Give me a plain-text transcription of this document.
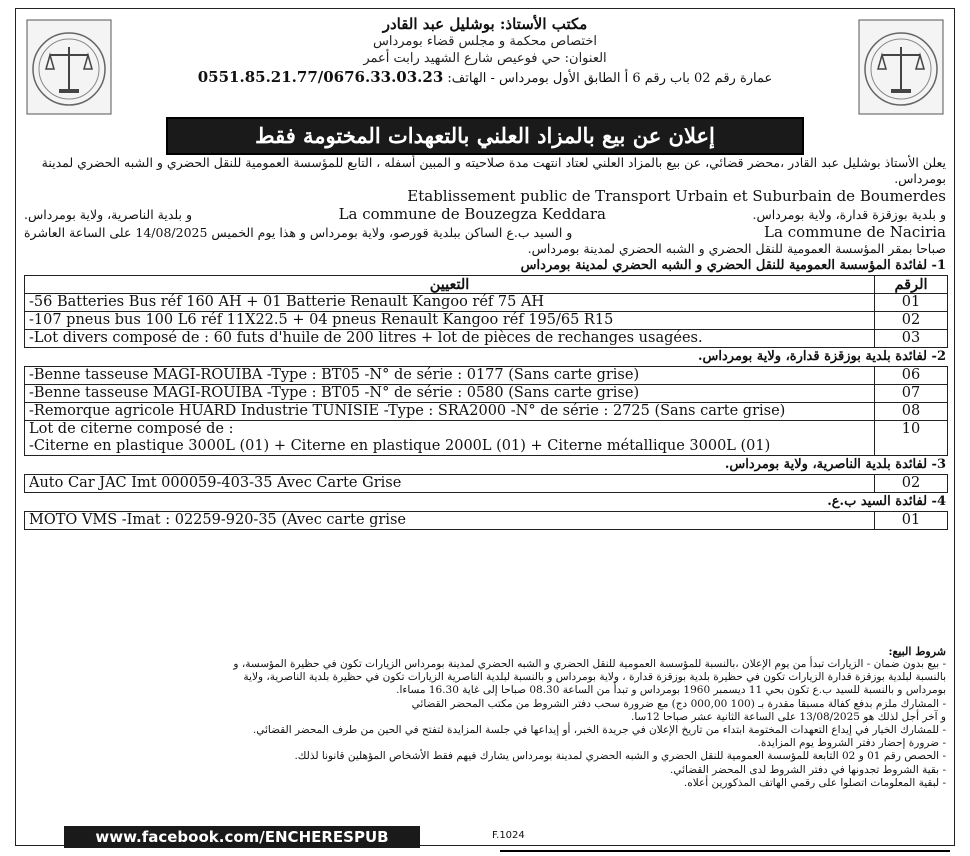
مكتب الأستاذ: بوشليل عبد القادر
اختصاص محكمة و مجلس قضاء بومرداس
العنوان: حي فوعيص شارع الشهيد رابت أعمر
عمارة رقم 02 باب رقم 6 أ الطابق الأول بومرداس - الهاتف: 0551.85.21.77/0676.33.03.23
إعلان عن بيع بالمزاد العلني بالتعهدات المختومة فقط
يعلن الأستاذ بوشليل عبد القادر ،محضر قضائي، عن بيع بالمزاد العلني لعتاد انتهت مدة صلاحيته و المبين أسفله ، التابع للمؤسسة العمومية للنقل الحضري و الشبه الحضري لمدينة بومرداس.
Etablissement public de Transport Urbain et Suburbain de Boumerdes
و بلدية الناصرية، ولاية بومرداس.	La commune de Bouzegza Keddara	و بلدية بوزقزة قدارة، ولاية بومرداس.
و السيد ب.ع الساكن ببلدية قورصو، ولاية بومرداس و هذا يوم الخميس 14/08/2025 على الساعة العاشرة	La commune de Naciria
صباحا بمقر المؤسسة العمومية للنقل الحضري و الشبه الحضري لمدينة بومرداس.
1- لفائدة المؤسسة العمومية للنقل الحضري و الشبه الحضري لمدينة بومرداس
التعيين	الرقم
-56 Batteries Bus réf 160 AH + 01 Batterie Renault Kangoo réf 75 AH	01
-107 pneus bus 100 L6 réf 11X22.5 + 04 pneus Renault Kangoo réf 195/65 R15	02
-Lot divers composé de : 60 futs d'huile de 200 litres + lot de pièces de rechanges usagées.	03
2- لفائدة بلدية بوزقزة قدارة، ولاية بومرداس.
-Benne tasseuse MAGI-ROUIBA -Type : BT05 -N° de série : 0177 (Sans carte grise)	06
-Benne tasseuse MAGI-ROUIBA -Type : BT05 -N° de série : 0580 (Sans carte grise)	07
-Remorque agricole HUARD Industrie TUNISIE -Type : SRA2000 -N° de série : 2725 (Sans carte grise)	08

Lot de citerne composé de :
-Citerne en plastique 3000L (01) + Citerne en plastique 2000L (01) + Citerne métallique 3000L (01)	10
3- لفائدة بلدية الناصرية، ولاية بومرداس.
Auto Car JAC Imt 000059-403-35 Avec Carte Grise	02
4- لفائدة السيد ب.ع.
MOTO VMS -Imat : 02259-920-35 (Avec carte grise	01
شروط البيع:
- بيع بدون ضمان - الزيارات تبدأ من يوم الإعلان ،بالنسبة للمؤسسة العمومية للنقل الحضري و الشبه الحضري لمدينة بومرداس الزيارات تكون في حظيرة المؤسسة، و
بالنسبة لبلدية بوزقزة قدارة الزيارات تكون في حظيرة بلدية بوزقزة قدارة ، ولاية بومرداس و بالنسبة لبلدية الناصرية الزيارات تكون في حظيرة بلدية الناصرية، ولاية
بومرداس و بالنسبة للسيد ب.ع تكون بحي 11 ديسمبر 1960 بومرداس و تبدأ من الساعة 08.30 صباحا إلى غاية 16.30 مساءا.
- المشارك ملزم بدفع كفالة مسبقا مقدرة بـ (100 000,00 دج) مع ضرورة سحب دفتر الشروط من مكتب المحضر القضائي
و آخر أجل لذلك هو 13/08/2025 على الساعة الثانية عشر صباحا 12سا.
- للمشارك الخيار في إيداع التعهدات المختومة ابتداء من تاريخ الإعلان في جريدة الخبر، أو إيداعها في جلسة المزايدة لتفتح في الحين من طرف المحضر القضائي.
- ضرورة إحضار دفتر الشروط يوم المزايدة.
- الحصص رقم 01 و 02 التابعة للمؤسسة العمومية للنقل الحضري و الشبه الحضري لمدينة بومرداس يشارك فيهم فقط الأشخاص المؤهلين قانونا لذلك.
- بقية الشروط تجدونها في دفتر الشروط لدى المحضر القضائي.
- لبقية المعلومات اتصلوا على رقمي الهاتف المذكورين أعلاه.
www.facebook.com/ENCHERESPUB	F.1024
